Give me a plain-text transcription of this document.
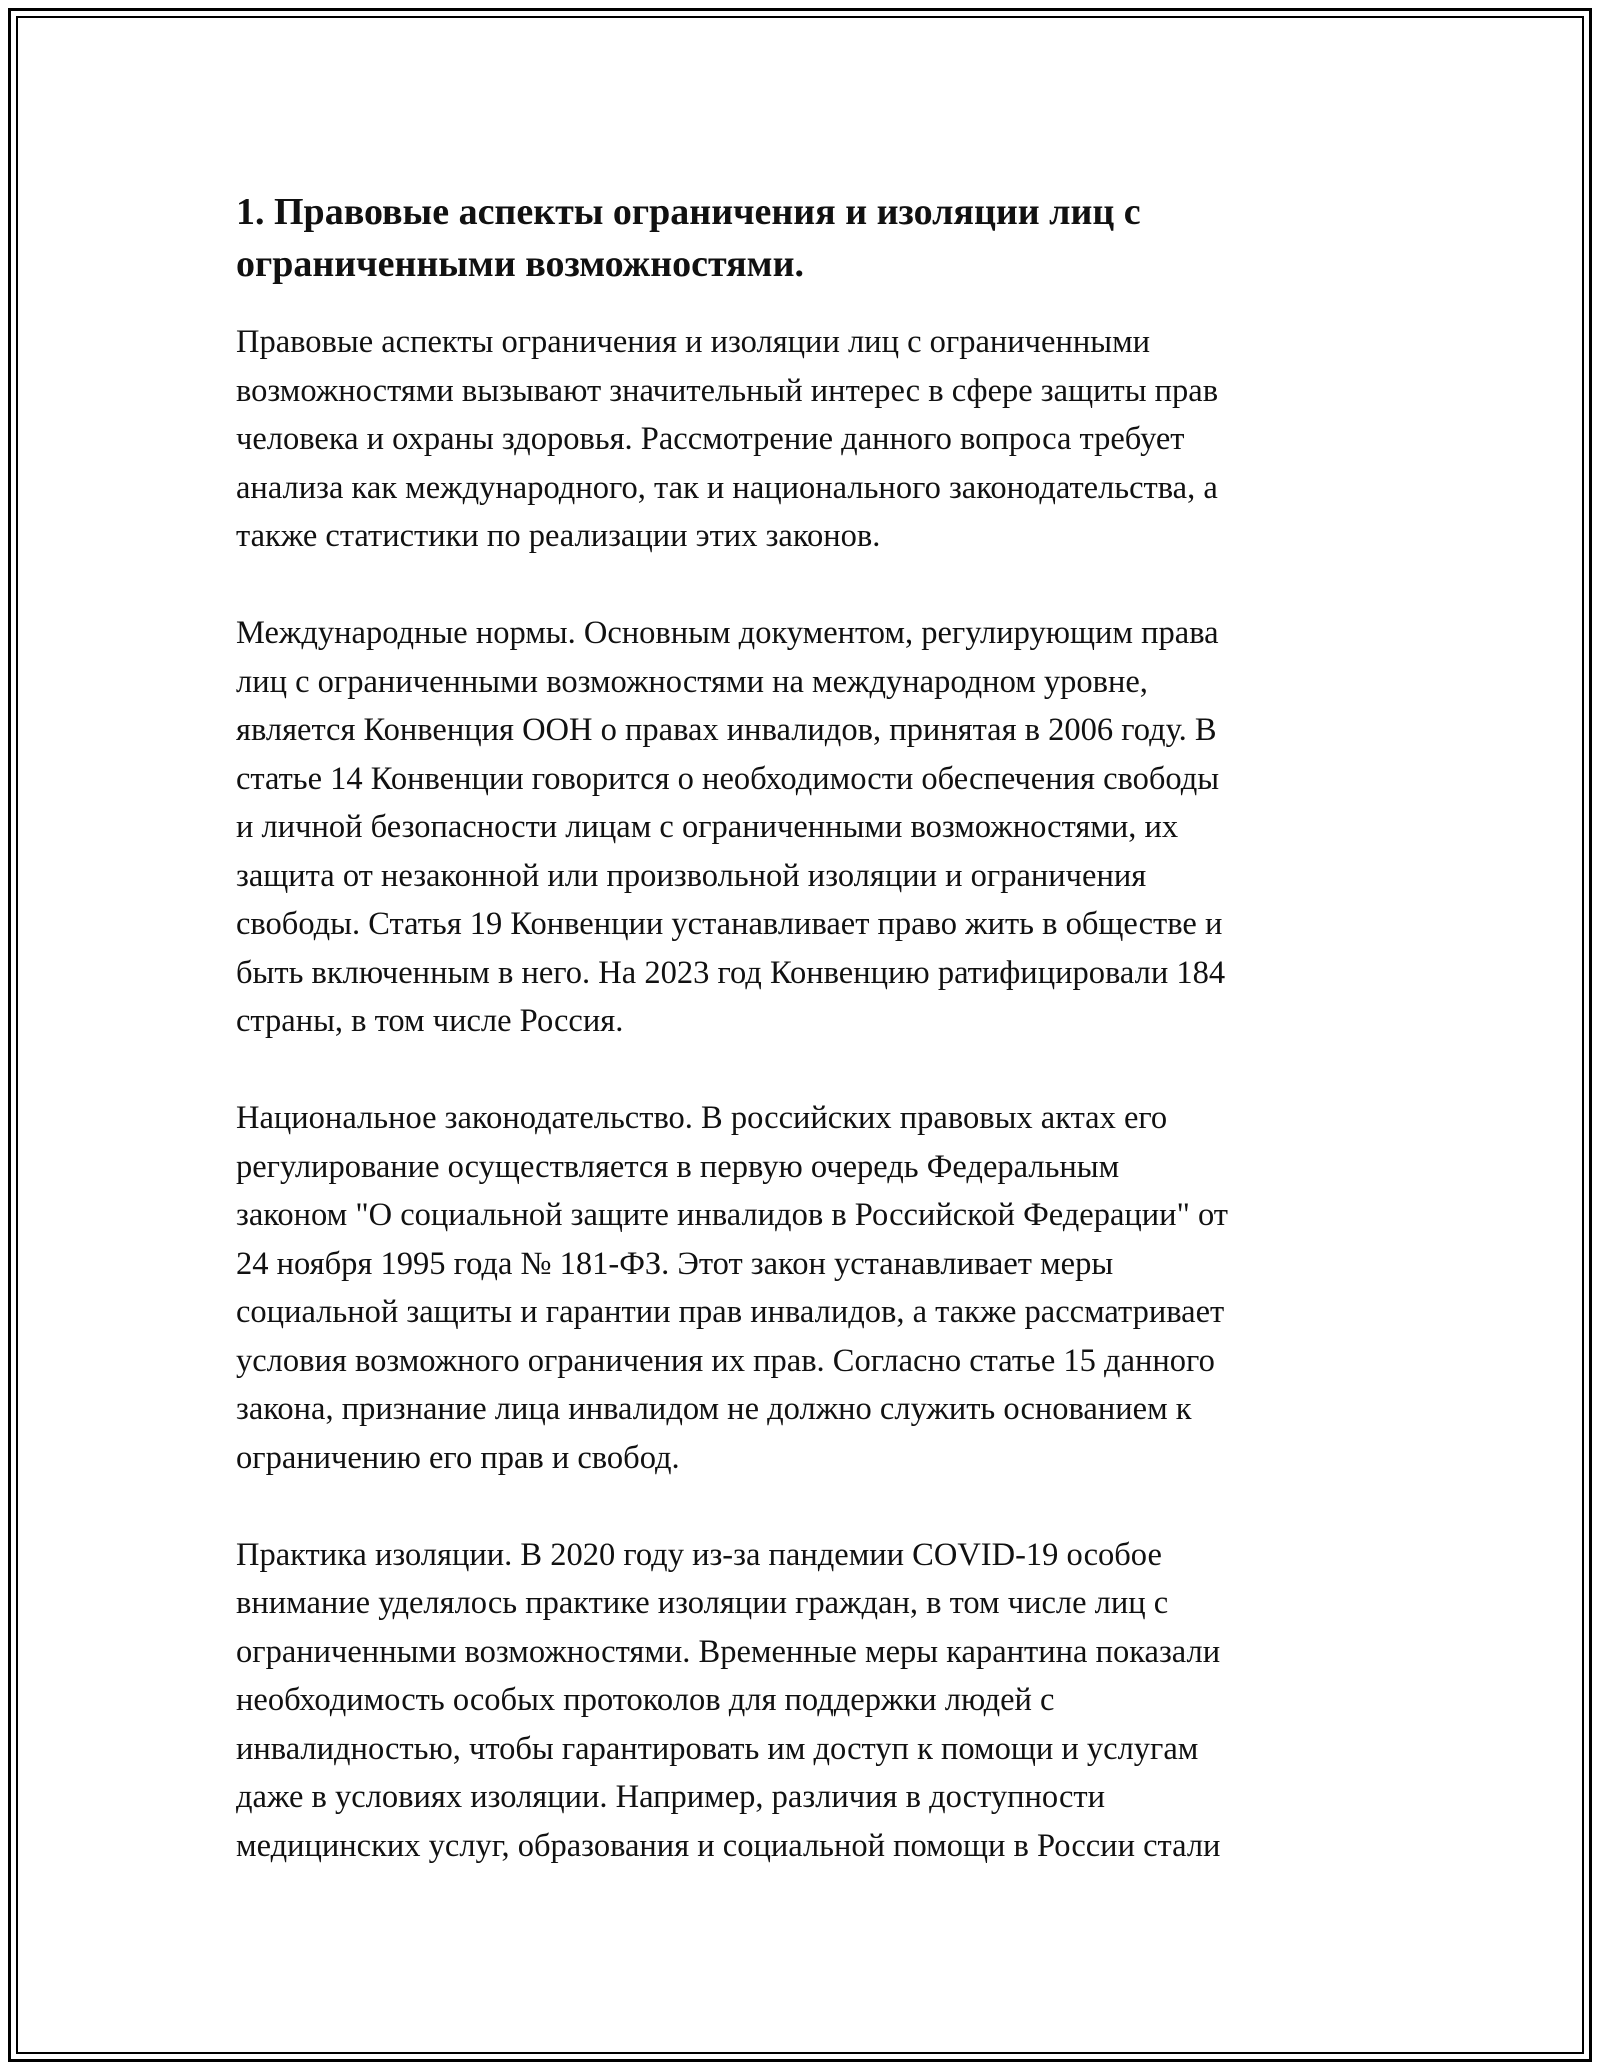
1. Правовые аспекты ограничения и изоляции лиц с
ограниченными возможностями.

Правовые аспекты ограничения и изоляции лиц с ограниченными
возможностями вызывают значительный интерес в сфере защиты прав
человека и охраны здоровья. Рассмотрение данного вопроса требует
анализа как международного, так и национального законодательства, а
также статистики по реализации этих законов.

Международные нормы. Основным документом, регулирующим права
лиц с ограниченными возможностями на международном уровне,
является Конвенция ООН о правах инвалидов, принятая в 2006 году. В
статье 14 Конвенции говорится о необходимости обеспечения свободы
и личной безопасности лицам с ограниченными возможностями, их
защита от незаконной или произвольной изоляции и ограничения
свободы. Статья 19 Конвенции устанавливает право жить в обществе и
быть включенным в него. На 2023 год Конвенцию ратифицировали 184
страны, в том числе Россия.

Национальное законодательство. В российских правовых актах его
регулирование осуществляется в первую очередь Федеральным
законом "О социальной защите инвалидов в Российской Федерации" от
24 ноября 1995 года № 181-ФЗ. Этот закон устанавливает меры
социальной защиты и гарантии прав инвалидов, а также рассматривает
условия возможного ограничения их прав. Согласно статье 15 данного
закона, признание лица инвалидом не должно служить основанием к
ограничению его прав и свобод.

Практика изоляции. В 2020 году из-за пандемии COVID-19 особое
внимание уделялось практике изоляции граждан, в том числе лиц с
ограниченными возможностями. Временные меры карантина показали
необходимость особых протоколов для поддержки людей с
инвалидностью, чтобы гарантировать им доступ к помощи и услугам
даже в условиях изоляции. Например, различия в доступности
медицинских услуг, образования и социальной помощи в России стали
